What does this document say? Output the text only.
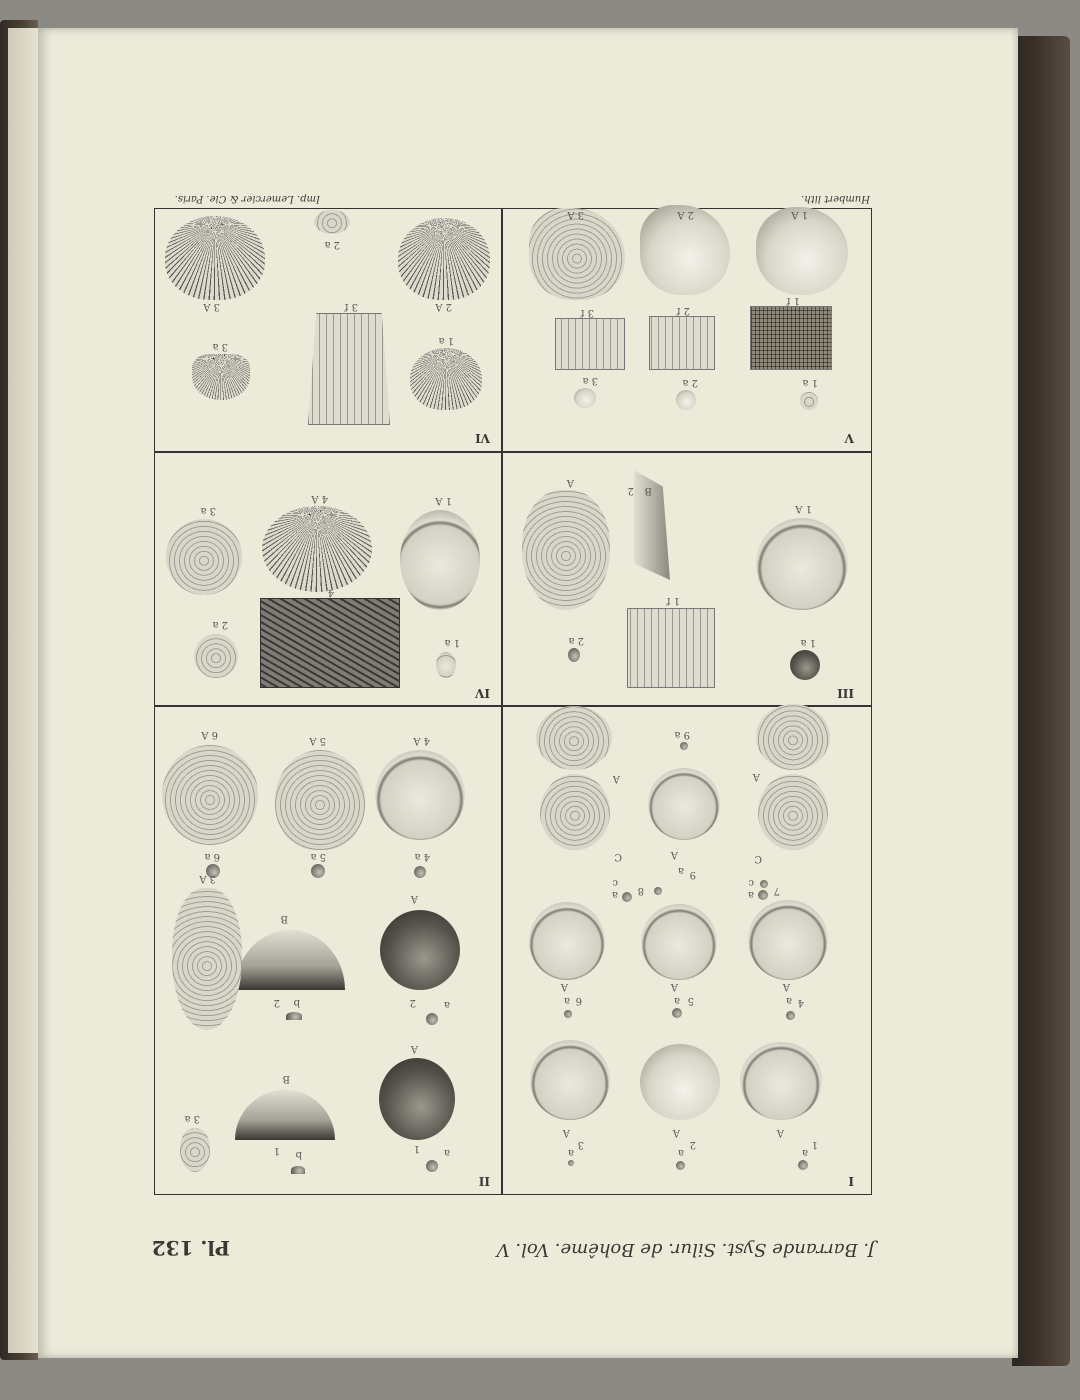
J. Barrande Syst. Silur. de Bohême. Vol. V
Pl. 132
Humbert lith.
Imp. Lemercier & Cie. Paris.
I
II
III
IV
V
VI
1
a
A
2
a
A
3
a
A
4
a
A
5
a
A
6
a
A
7
a
c
C
A
8
a
c
C
A
9
a
A
9 a
a
1
A
b
1
B
3 a
a
2
A
b
2
B
3 A
4 a
4 A
5 a
5 A
6 a
6 A
1 a
1 A
1 f
2 a
A
B
2
1 a
1 A
4
4 A
2 a
3 a
1 a
1 f
1 A
2 a
2 f
2 A
3 a
3 f
3 A
1 a
3 f
3 a
2 A
2 a
3 A
